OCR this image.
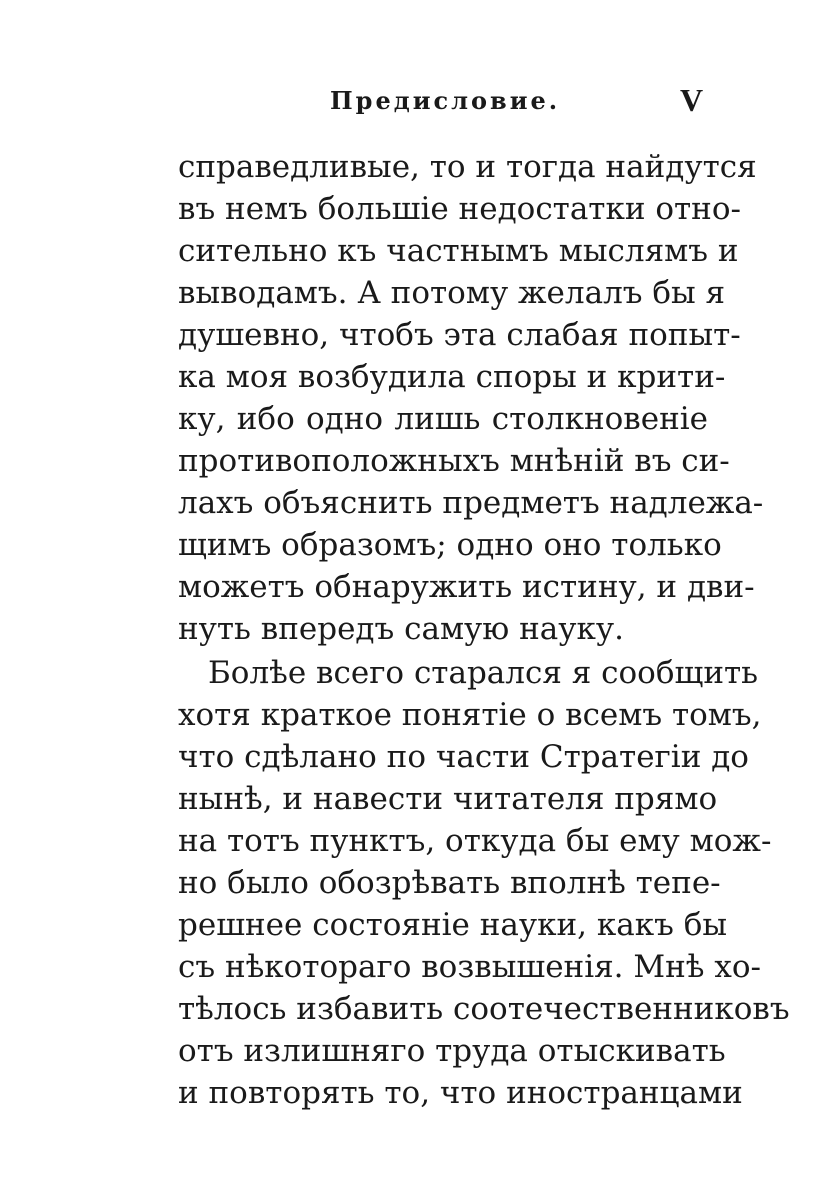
Предисловие.	V
справедливые, то и тогда найдутся
въ немъ большіе недостатки отно-
сительно къ частнымъ мыслямъ и
выводамъ. А потому желалъ бы я
душевно, чтобъ эта слабая попыт-
ка моя возбудила споры и крити-
ку, ибо одно лишь столкновеніе
противоположныхъ мнѣній въ си-
лахъ объяснить предметъ надлежа-
щимъ образомъ; одно оно только
можетъ обнаружить истину, и дви-
нуть впередъ самую науку.
Болѣе всего старался я сообщить
хотя краткое понятіе о всемъ томъ,
что сдѣлано по части Стратегіи до
нынѣ, и навести читателя прямо
на тотъ пунктъ, откуда бы ему мож-
но было обозрѣвать вполнѣ тепе-
решнее состояніе науки, какъ бы
съ нѣкотораго возвышенія. Мнѣ хо-
тѣлось избавить соотечественниковъ
отъ излишняго труда отыскивать
и повторять то, что иностранцами
